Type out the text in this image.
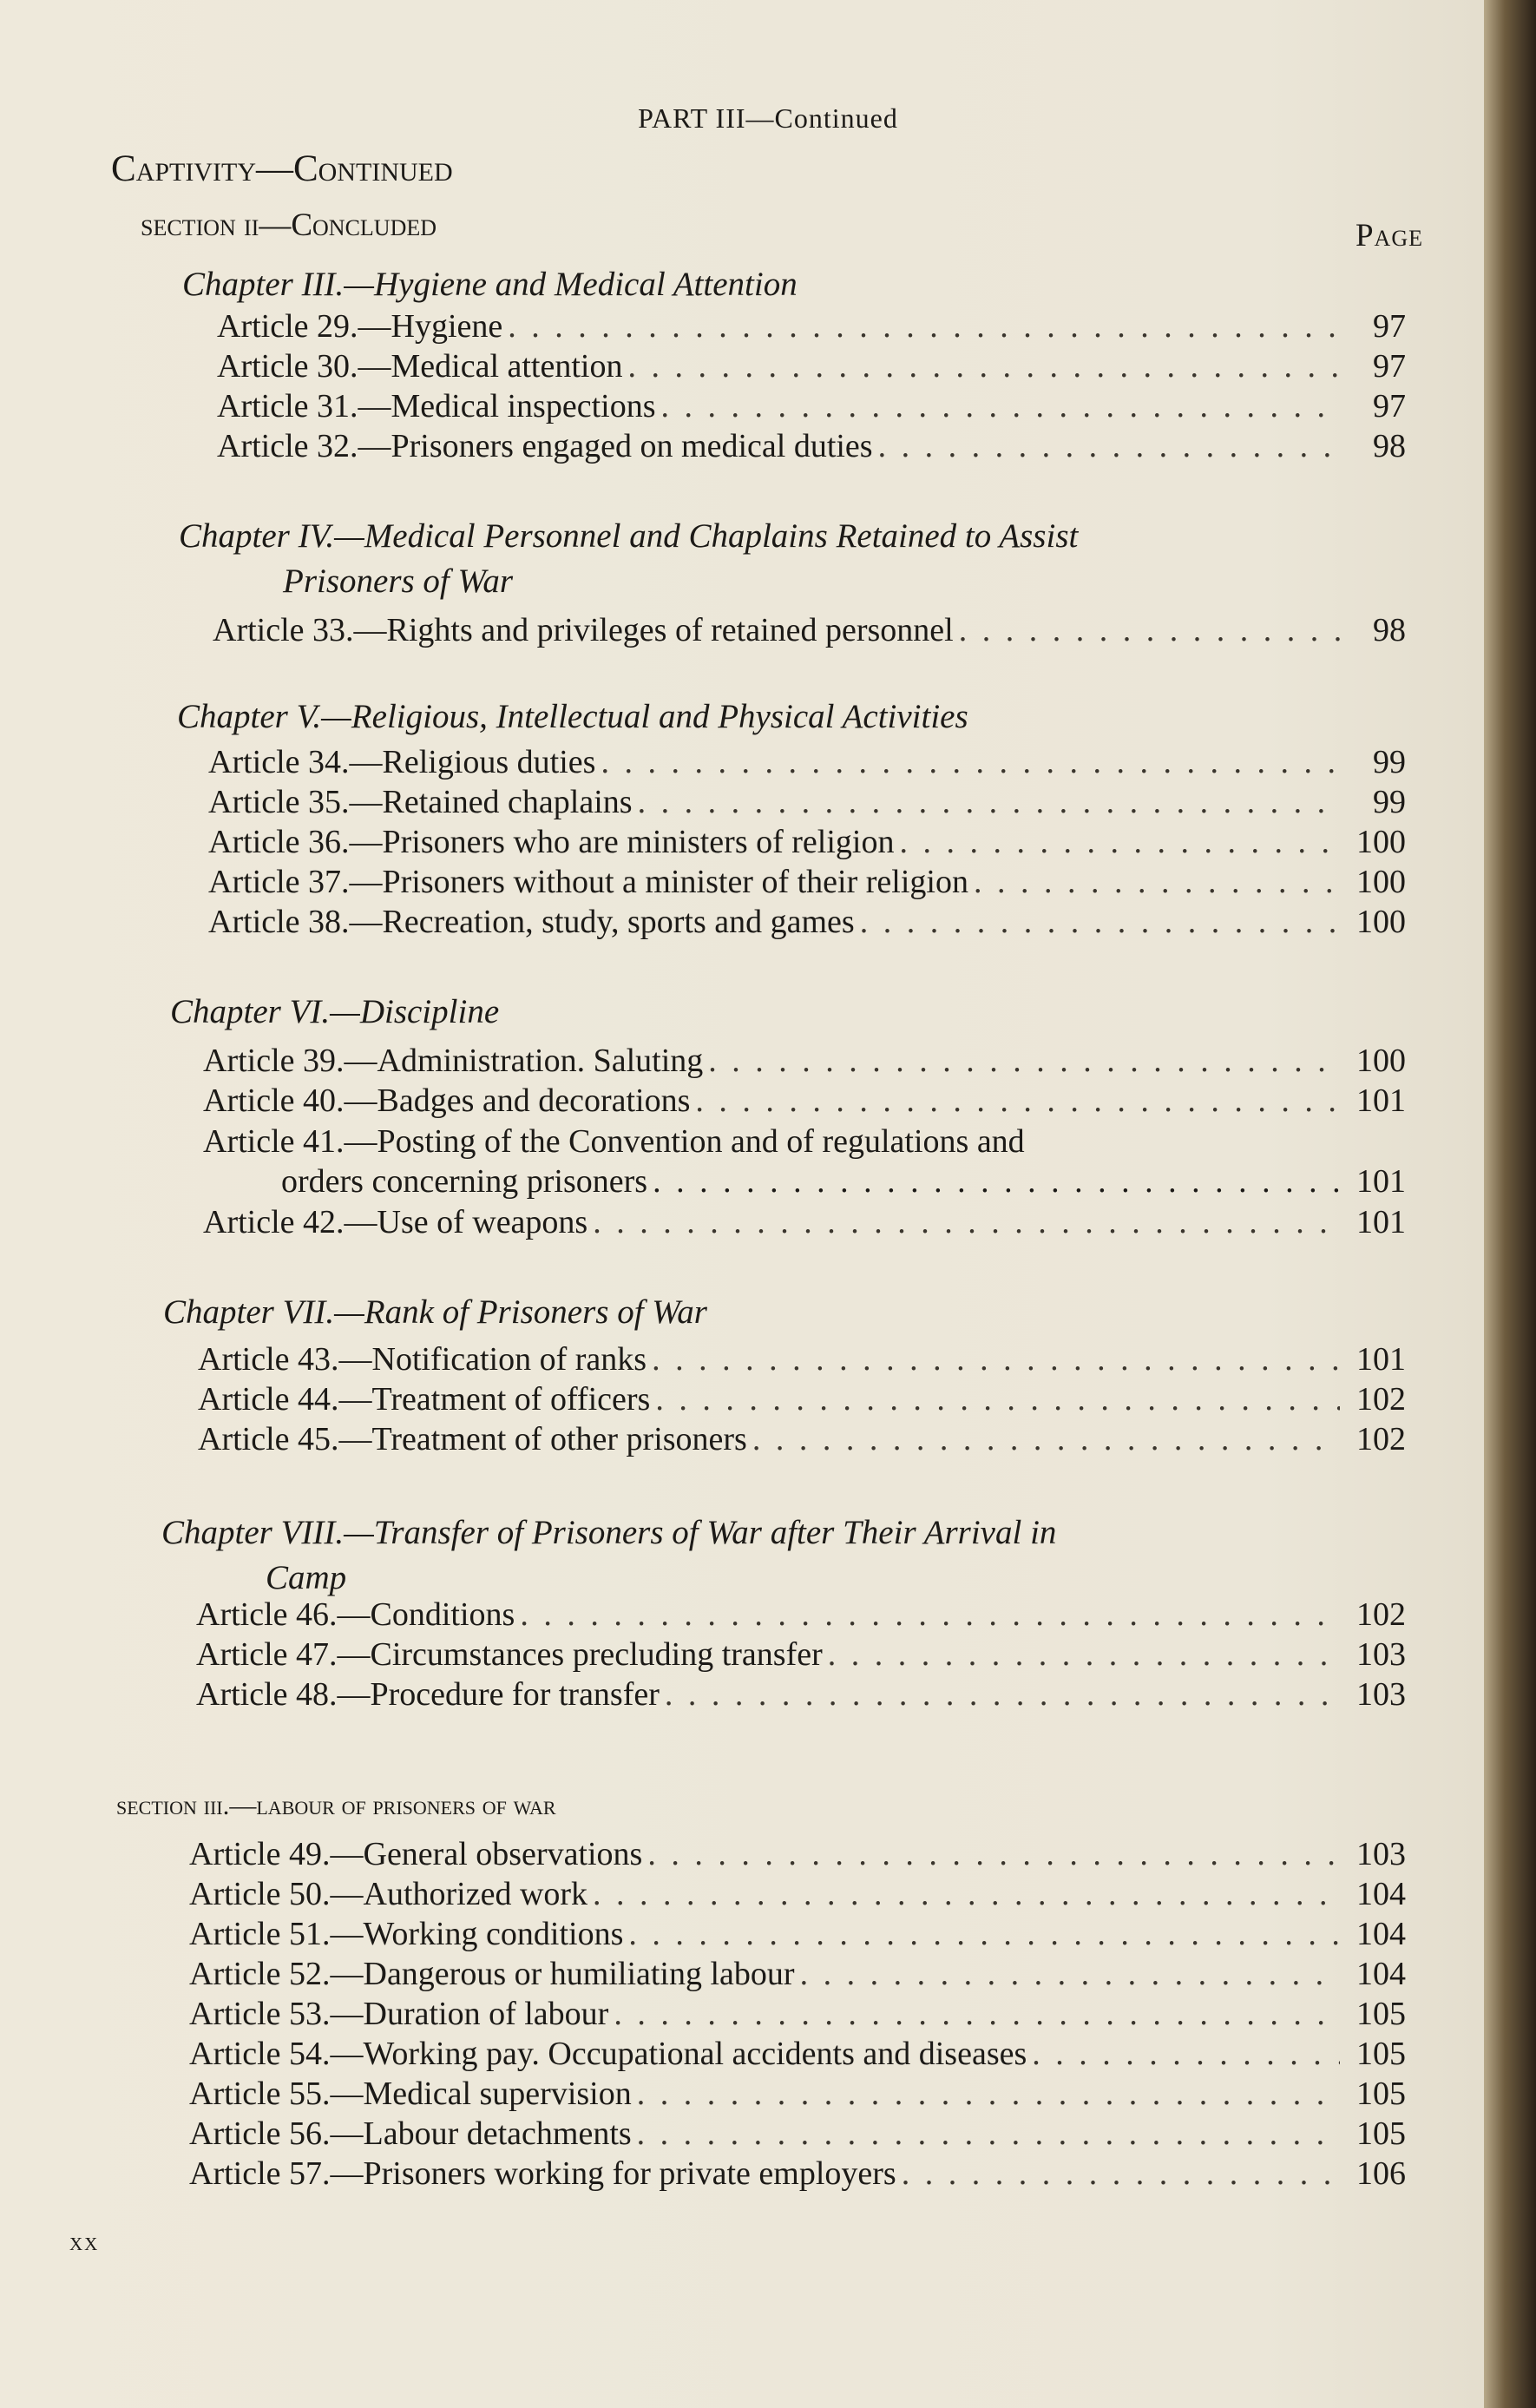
PART III—Continued
Captivity—Continued
section ii—Concluded	Page
Chapter III.—Hygiene and Medical Attention
Article 29.—Hygiene . . .	97
Article 30.—Medical attention . . .	97
Article 31.—Medical inspections . . .	97
Article 32.—Prisoners engaged on medical duties . . .	98
Chapter IV.—Medical Personnel and Chaplains Retained to Assist
Prisoners of War
Article 33.—Rights and privileges of retained personnel . . .	98
Chapter V.—Religious, Intellectual and Physical Activities
Article 34.—Religious duties . . .	99
Article 35.—Retained chaplains . . .	99
Article 36.—Prisoners who are ministers of religion . . .	100
Article 37.—Prisoners without a minister of their religion . . .	100
Article 38.—Recreation, study, sports and games . . .	100
Chapter VI.—Discipline
Article 39.—Administration. Saluting . . .	100
Article 40.—Badges and decorations . . .	101
Article 41.—Posting of the Convention and of regulations and
orders concerning prisoners . . .	101
Article 42.—Use of weapons . . .	101
Chapter VII.—Rank of Prisoners of War
Article 43.—Notification of ranks . . .	101
Article 44.—Treatment of officers . . .	102
Article 45.—Treatment of other prisoners . . .	102
Chapter VIII.—Transfer of Prisoners of War after Their Arrival in
Camp
Article 46.—Conditions . . .	102
Article 47.—Circumstances precluding transfer . . .	103
Article 48.—Procedure for transfer . . .	103
section iii.—labour of prisoners of war
Article 49.—General observations . . .	103
Article 50.—Authorized work . . .	104
Article 51.—Working conditions . . .	104
Article 52.—Dangerous or humiliating labour . . .	104
Article 53.—Duration of labour . . .	105
Article 54.—Working pay. Occupational accidents and diseases . . .	105
Article 55.—Medical supervision . . .	105
Article 56.—Labour detachments . . .	105
Article 57.—Prisoners working for private employers . . .	106
xx
